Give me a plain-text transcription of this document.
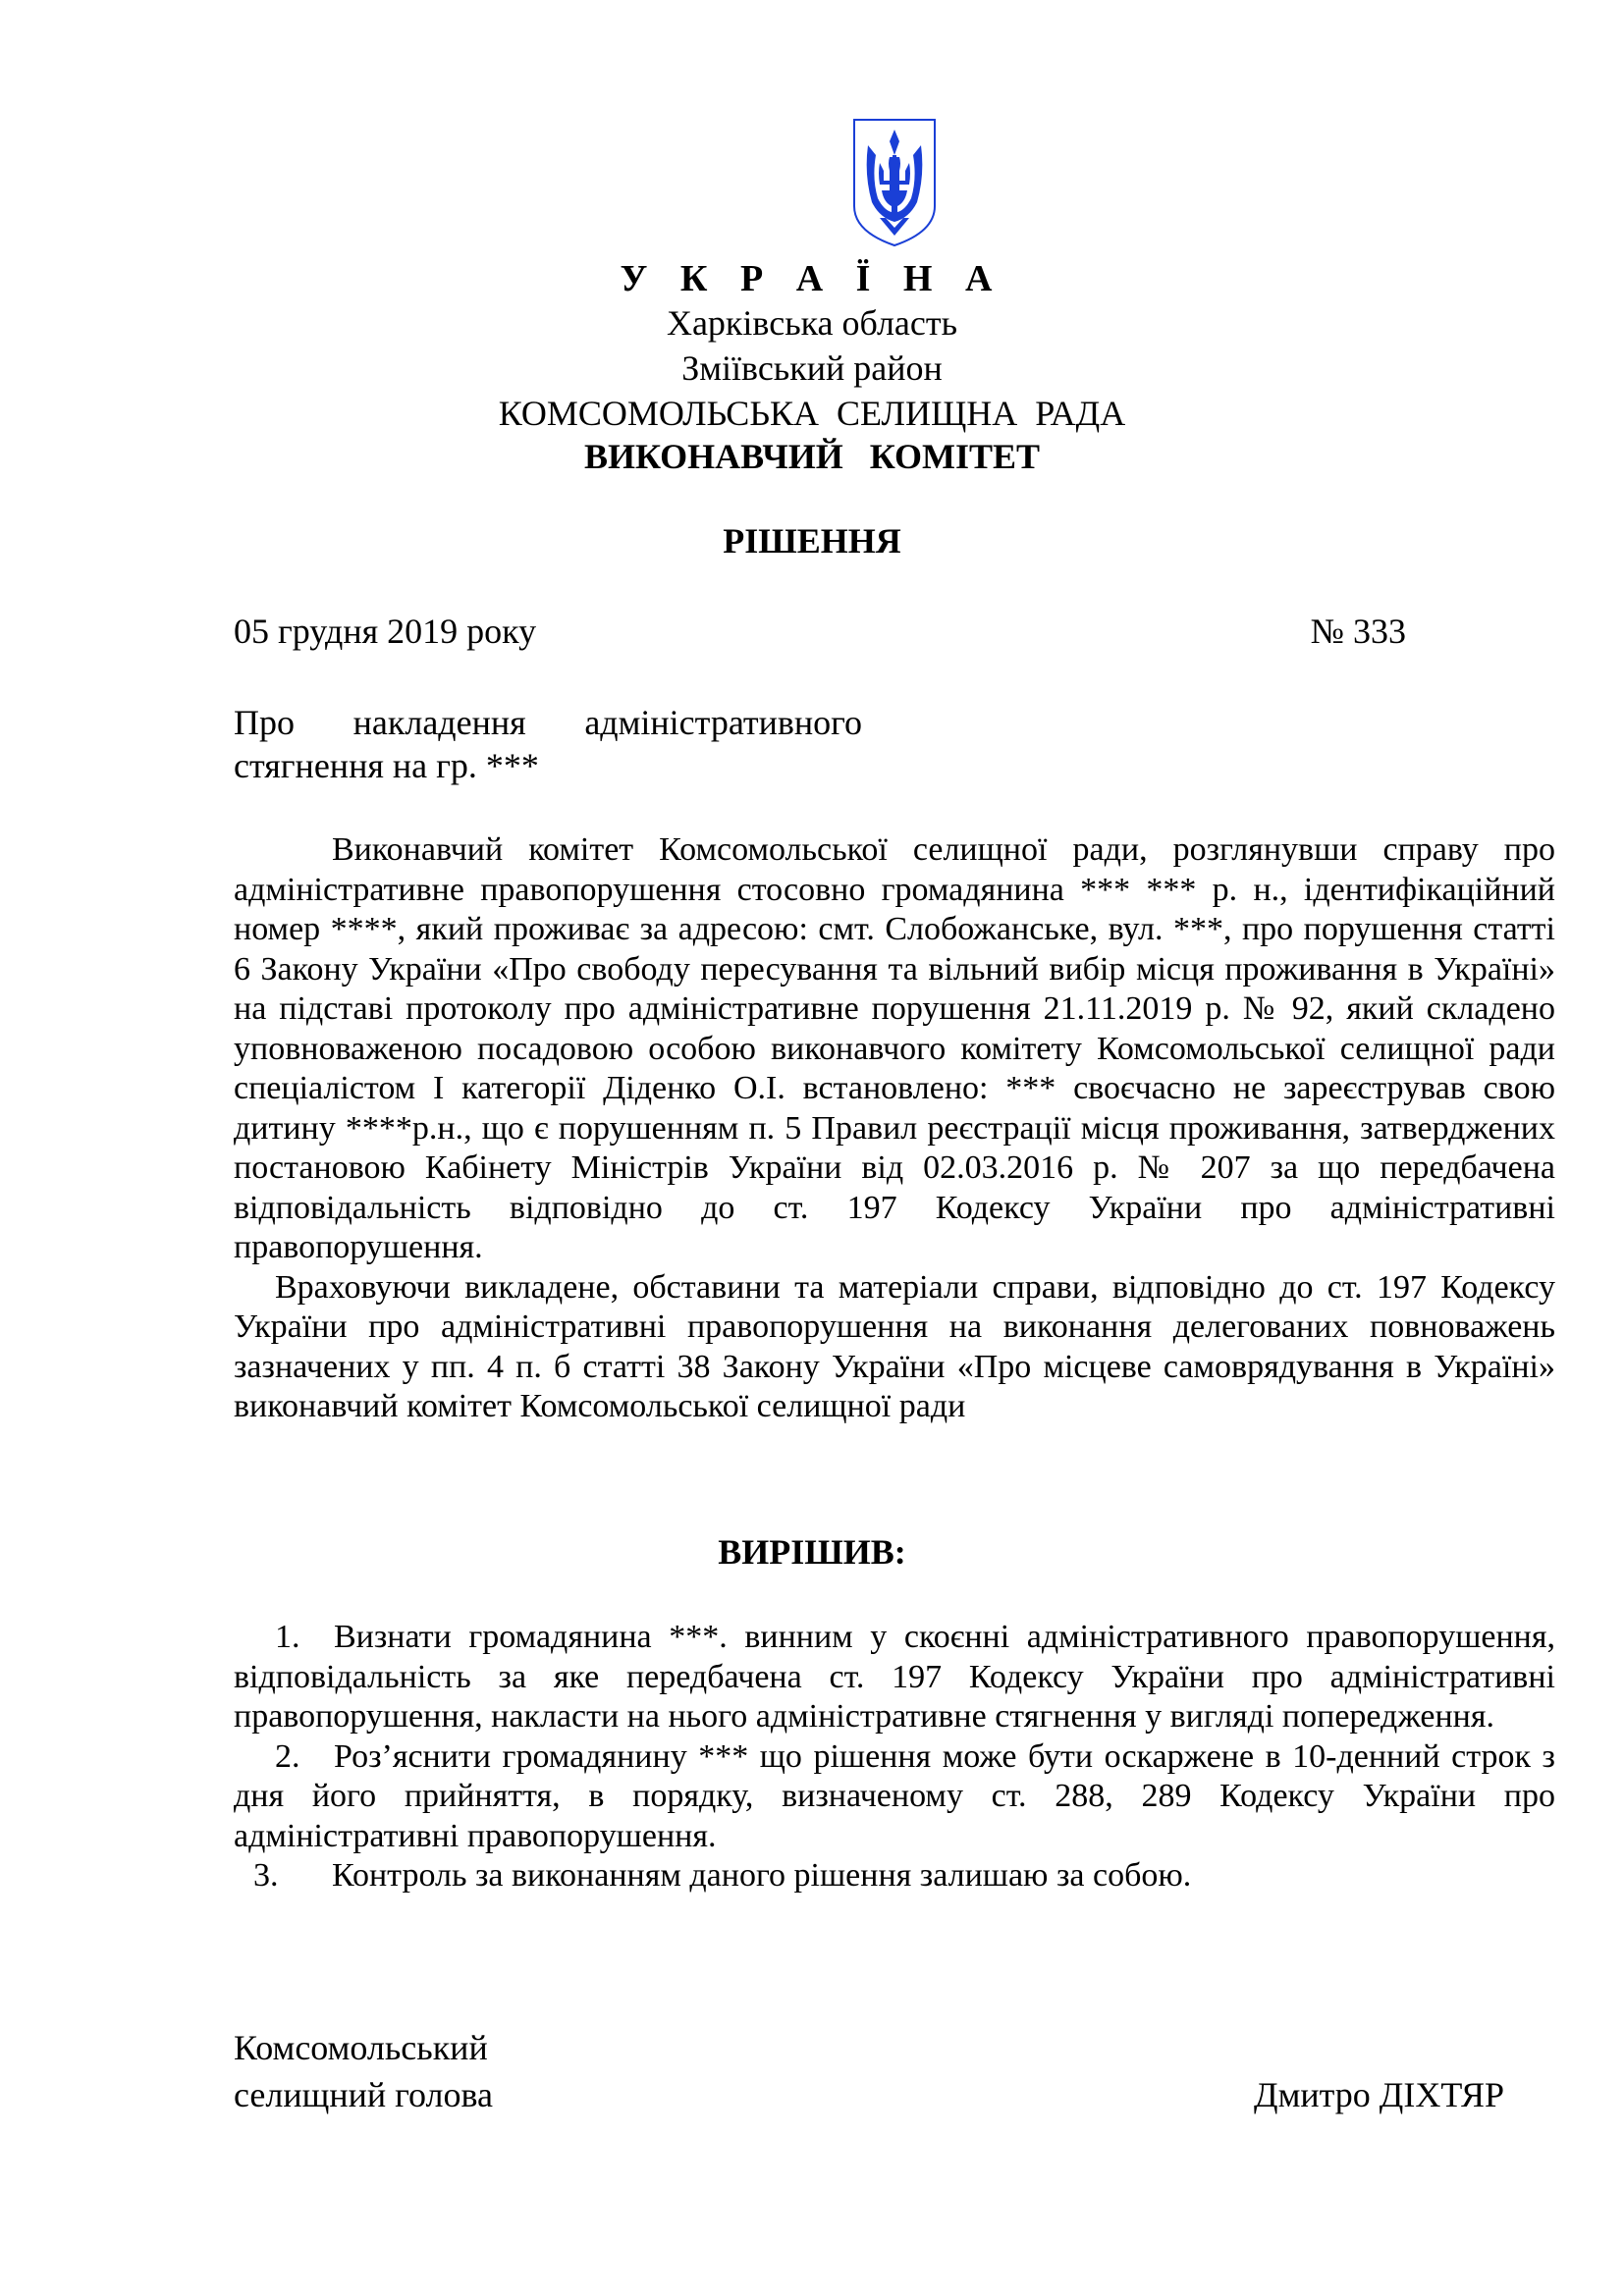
У К Р А Ї Н А
Харківська область
Зміївський район
КОМСОМОЛЬСЬКА  СЕЛИЩНА  РАДА
ВИКОНАВЧИЙ   КОМІТЕТ
РІШЕННЯ
05 грудня 2019 року	№ 333
Про накладення адміністративного
стягнення на гр. ***

Виконавчий комітет Комсомольської селищної ради, розглянувши справу про адміністративне правопорушення стосовно громадянина *** *** р. н., ідентифікаційний номер ****, який проживає за адресою: смт. Слобожанське, вул. ***, про порушення статті 6 Закону України «Про свободу пересування та вільний вибір місця проживання в Україні» на підставі протоколу про адміністративне порушення 21.11.2019 р. № 92, який складено уповноваженою посадовою особою виконавчого комітету Комсомольської селищної ради спеціалістом І категорії Діденко О.І. встановлено: *** своєчасно не зареєстрував свою дитину ****р.н., що є порушенням п. 5 Правил реєстрації місця проживання, затверджених постановою Кабінету Міністрів України від 02.03.2016 р. № 207 за що передбачена відповідальність відповідно до ст. 197 Кодексу України про адміністративні правопорушення.

Враховуючи викладене, обставини та матеріали справи, відповідно до ст. 197 Кодексу України про адміністративні правопорушення на виконання делегованих повноважень зазначених у пп. 4 п. б статті 38 Закону України «Про місцеве самоврядування в Україні» виконавчий комітет Комсомольської селищної ради

ВИРІШИВ:

1. Визнати громадянина ***. винним у скоєнні адміністративного правопорушення, відповідальність за яке передбачена ст. 197 Кодексу України про адміністративні правопорушення, накласти на нього адміністративне стягнення у вигляді попередження.

2. Роз’яснити громадянину *** що рішення може бути оскаржене в 10-денний строк з дня його прийняття, в порядку, визначеному ст. 288, 289 Кодексу України про адміністративні правопорушення.

3. Контроль за виконанням даного рішення залишаю за собою.

Комсомольський
селищний голова	Дмитро ДІХТЯР
